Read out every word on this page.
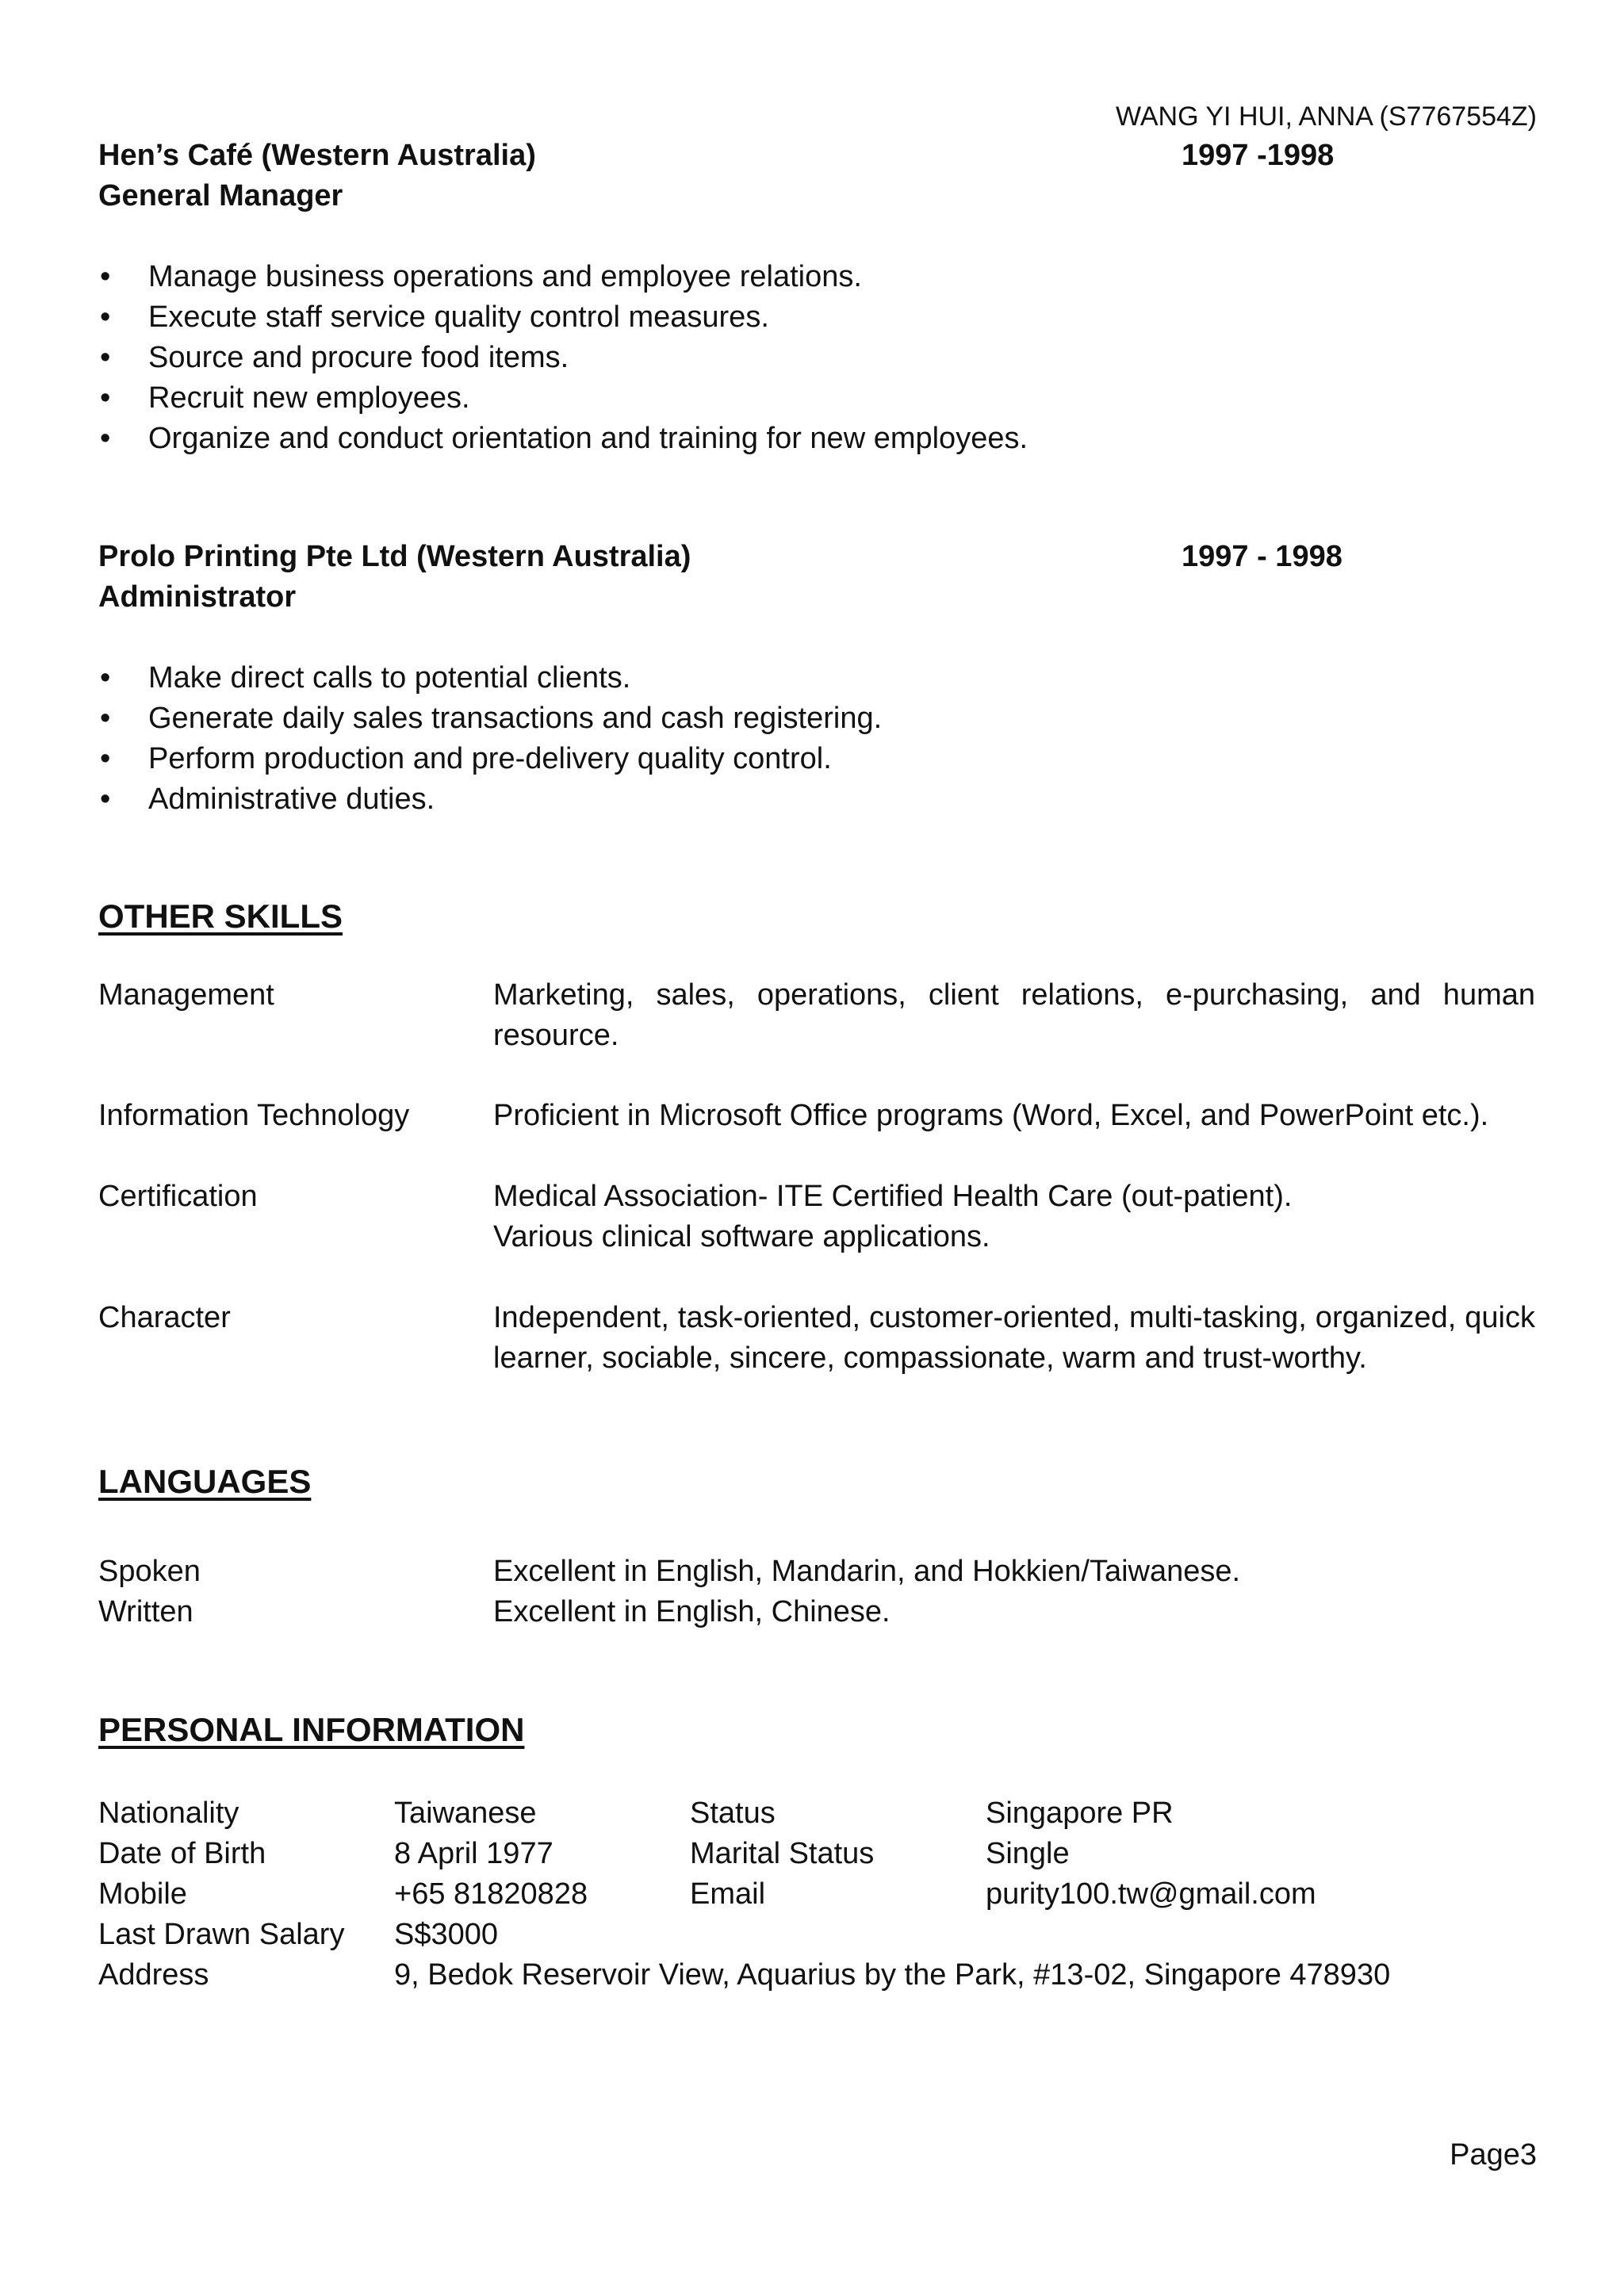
WANG YI HUI, ANNA (S7767554Z)
Hen’s Café (Western Australia)	1997 -1998
General Manager
• Manage business operations and employee relations.
• Execute staff service quality control measures.
• Source and procure food items.
• Recruit new employees.
• Organize and conduct orientation and training for new employees.
Prolo Printing Pte Ltd (Western Australia)	1997 - 1998
Administrator
• Make direct calls to potential clients.
• Generate daily sales transactions and cash registering.
• Perform production and pre-delivery quality control.
• Administrative duties.
OTHER SKILLS
Management	Marketing, sales, operations, client relations, e-purchasing, and human resource.
Information Technology	Proficient in Microsoft Office programs (Word, Excel, and PowerPoint etc.).
Certification	Medical Association- ITE Certified Health Care (out-patient).
Various clinical software applications.
Character	Independent, task-oriented, customer-oriented, multi-tasking, organized, quick learner, sociable, sincere, compassionate, warm and trust-worthy.
LANGUAGES
Spoken	Excellent in English, Mandarin, and Hokkien/Taiwanese.
Written	Excellent in English, Chinese.
PERSONAL INFORMATION
Nationality	Taiwanese	Status	Singapore PR
Date of Birth	8 April 1977	Marital Status	Single
Mobile	+65 81820828	Email	purity100.tw@gmail.com
Last Drawn Salary	S$3000
Address	9, Bedok Reservoir View, Aquarius by the Park, #13-02, Singapore 478930
Page3
